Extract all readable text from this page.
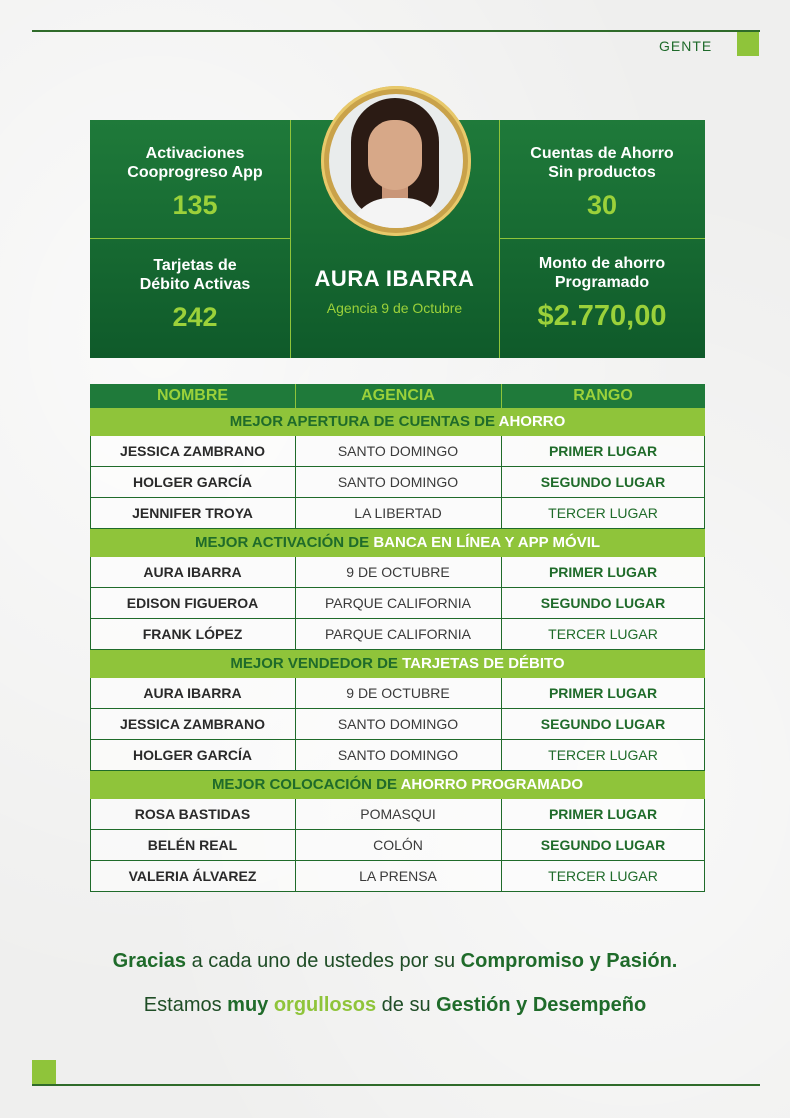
GENTE
Activaciones
Cooprogreso App
135
Cuentas de Ahorro
Sin productos
30
Tarjetas de
Débito Activas
242
Monto de ahorro
Programado
$2.770,00
AURA IBARRA
Agencia 9 de Octubre
NOMBRE	AGENCIA	RANGO
MEJOR APERTURA DE CUENTAS DE AHORRO
JESSICA ZAMBRANO	SANTO DOMINGO	PRIMER LUGAR
HOLGER GARCÍA	SANTO DOMINGO	SEGUNDO LUGAR
JENNIFER TROYA	LA LIBERTAD	TERCER LUGAR
MEJOR ACTIVACIÓN DE BANCA EN LÍNEA Y APP MÓVIL
AURA IBARRA	9 DE OCTUBRE	PRIMER LUGAR
EDISON FIGUEROA	PARQUE CALIFORNIA	SEGUNDO LUGAR
FRANK LÓPEZ	PARQUE CALIFORNIA	TERCER LUGAR
MEJOR VENDEDOR DE TARJETAS DE DÉBITO
AURA IBARRA	9 DE OCTUBRE	PRIMER LUGAR
JESSICA ZAMBRANO	SANTO DOMINGO	SEGUNDO LUGAR
HOLGER GARCÍA	SANTO DOMINGO	TERCER LUGAR
MEJOR COLOCACIÓN DE AHORRO PROGRAMADO
ROSA BASTIDAS	POMASQUI	PRIMER LUGAR
BELÉN REAL	COLÓN	SEGUNDO LUGAR
VALERIA ÁLVAREZ	LA PRENSA	TERCER LUGAR
Gracias a cada uno de ustedes por su Compromiso y Pasión.
Estamos muy orgullosos de su Gestión y Desempeño
